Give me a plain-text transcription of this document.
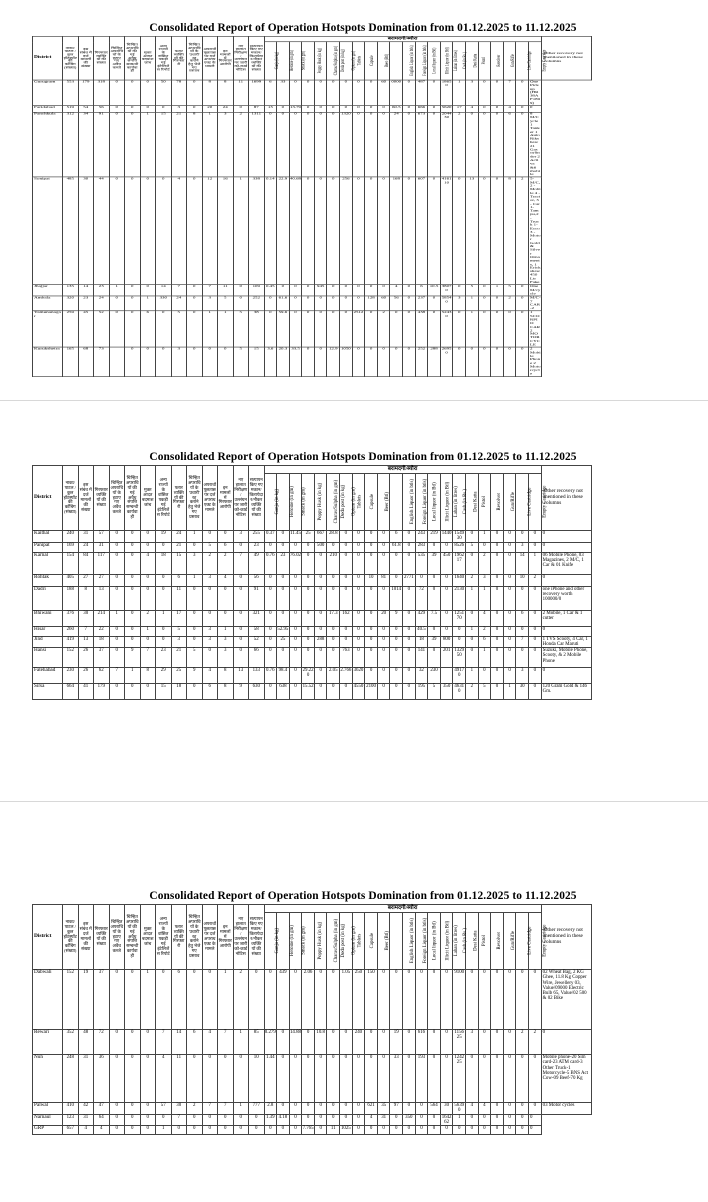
Consolidated Report of Operation Hotspots Domination from 01.12.2025 to 11.12.2025
District	नाका/पाटल / कुल हॉटस्पॉट की कॉबिंग (संख्या)	इस संबंध में दर्ज मामलों की संख्या	गिरफ्तार व्यक्तियों की संख्या	चिन्हित अपराधियों के हटाए गए अवैध कब्जे	चिन्हित अपराधियों की गई अवैध संपत्ति सम्बन्धी कार्यवाही	मुक्त आदत बदमाश जांच	अन्य राज्यों के वांछित पकड़ी गई इंटेलिजेंस रिपोर्ट	फरार व्यक्तियों की गिरफ्तारी	चिन्हित अपराधियों के 'उधारी' रद्द कराने हेतु भेजे गए प्रस्ताव	अपराधों पूछताछ पर दर्ज अपराध एक्ट के मामले	इन मामलों में गिरफ्तार आरोपी	नए हालात निरीक्षण/उल्लंघन पर जारी को-कार्ड नोटिस	सत्यापन किए गए मकान/किरायेदार/नौकर व्यक्तियों की संख्या	बरामदगी/ब्यौरा																						Other recovery not mentioned in these columns
														Ganja (in kg)	Heroine (in gm)	Smack (in gm)	Poppy Husk (in kg)	Charas/Sulpha (in gm)	Doda post (in kg)	Opium (in gm)	Tablets	Capsule	Beer (Btl)	English Liquor (in btls)	Foreign Liquor (in btls)	Local liquor (in Btl)	Illicit Liquor (in Btl)	Lahan (in litres)	Cash (in Rs.)	Desi Katta	Pistol	Revolver	Gun/Rifle	Live Cartridge	Empty Cartridge	
Gurugram	553	179	318	0	0	0	50	78	0	8	8	11	1699	6	33	0	0	0	0	0	0	0	60	0000	0	487	0	18650	1	3	0	0	7	0	One Pickup (HR38AF1899)	
Faridabad	519	54	56	0	0	0	0	3	0	20	24	0	87	13	0	13.79	0	0	0	0	0	0	0	60.5	0	666	0	5620	17	4	0	0	4	0	0	
Panchkula	312	34	91	0	0	1	15	21	8	1	3	2	1311	0	0	0	0	0	0	1320	0	0	0	24	0	673	0	204430	2	0	0	0	6	0	8 M/Cycle 1 Tanker 1 Auto Rikshaw 21 Gas cylinder 2 Activa &6 mobile	
Sonipat	485	30	44	0	0	0	0	4	0	12	16	1	338	0.14	22.9	40.68	0	0	0	256	0	0	0	168	0	607	0	416110	0	13	0	0	8	2	5- M/C,2 - Mobile 4 - Tractor, 3 - Car 1- Tampu,2 - Truck 1- Ecco 3 - Motor Gold & Silver Ornaments, 1 Erickshaw 450 Ltr Fake	
Jhajjar	135	14	23	1	0	0	14	7	0	7	11	0	109	0.45	0	0	0	945	0	0	0	0	0	4	0	6	10.5	38070	0	5	0	1	5	0	One M/cycle	
Ambala	320	23	24	0	0	1	330	24	0	3	5	0	252	0	61.6	0	0	0	0	0	0	128	60	56	0	237	0	58540	3	1	0	0	2	0	M/C-7 CAR-2	
Yamunanagar	259	45	52	0	0	6	0	5	0	1	1	5	38	0	59.6	0	0	0	0	0	2512	0	2	0	0	438	0	52430	0	1	0	0	0	0	1 SCORPIO CAR 2 MOTOR CYCLE	
Kurukshetra	165	68	73		0	0	0	3	0	0	0	5	15	3.6	20.3	33.5	0	0	12.9	1050	0	0	0	0	0	252	288	26950	0	0	0	0	0	0	2 Mobile Phone 2 Motorcycle	
Consolidated Report of Operation Hotspots Domination from 01.12.2025 to 11.12.2025
District	नाका/पाटल / कुल हॉटस्पॉट की कॉबिंग (संख्या)	इस संबंध में दर्ज मामलों की संख्या	गिरफ्तार व्यक्तियों की संख्या	चिन्हित अपराधियों के हटाए गए अवैध कब्जे	चिन्हित अपराधियों की गई अवैध संपत्ति सम्बन्धी कार्यवाही	मुक्त आदत बदमाश जांच	अन्य राज्यों के वांछित पकड़ी गई इंटेलिजेंस रिपोर्ट	फरार व्यक्तियों की गिरफ्तारी	चिन्हित अपराधियों के 'उधारी' रद्द कराने हेतु भेजे गए प्रस्ताव	अपराधों पूछताछ पर दर्ज अपराध एक्ट के मामले	इन मामलों में गिरफ्तार आरोपी	नए हालात निरीक्षण/उल्लंघन पर जारी को-कार्ड नोटिस	सत्यापन किए गए मकान/किरायेदार/नौकर व्यक्तियों की संख्या	बरामदगी/ब्यौरा																						Other recovery not mentioned in these columns
														Ganja (in kg)	Heroine (in gm)	Smack (in gm)	Poppy Husk (in kg)	Charas/Sulpha (in gm)	Doda post (in kg)	Opium (in gm)	Tablets	Capsule	Beer (Btl)	English Liquor (in btls)	Foreign Liquor (in btls)	Local liquor (in Btl)	Illicit Liquor (in Btl)	Lahan (in litres)	Cash (in Rs.)	Desi Katta	Pistol	Revolver	Gun/Rifle	Live Cartridge	Empty Cartridge	
Kaithal	240	31	57	0	0	0	19	24	1	0	0	3	255	0.37	0	11.45	25	667	28.8	0	0	0	0	6	0	243	219	1440	154930	0	1	0	0	0	0	0
Panipat	169	24	31	0	0	0	0	21	0	5	6	0	23	0	0	0	0	500	0	0	0	0	0	61.8	0	283	0	0	8526	5	0	0	0	3	0	0
Karnal	154	84	117	0	0	4	18	15	3	2	2	7	49	0.76	23	76.02	0	0	210	0	0	0	0	0	0	535	39	450	196217	0	2	0	0	14	1	06 Mobile Phone, 03 Magazines, 2 M/C, 1 Car & 01 Knife
Rohtak	405	27	27	0	0	0	0	6	1	3	4	0	56	0	0	0	0	0	0	0	0	10	81	0	2771	0	0	0	1640	2	3	0	0	10	2	0
Dadri	188	8	13	0	0	0	0	11	0	0	0	0	91	0	0	0	0	0	0	0	0	0	0	1014	0	72	0	0	2130	1	1	0	0	0	0	one iPhone and other recovery worth 100000/0
Bhiwani	376	30	214	1	0	2	1	17	0	0	0	0	321	0	0	0	0	0	17.3	162	0	0	20	9	0	429	7.5	0	125170	0	4	0	0	6	0	2 Mobile, 1 Car & 1 cutter
Hisar	260	7	22	0	0	1	0	5	0	3	1	0	58	0	52.95	0	0	0	0	0	0	0	0	0	0	40.5	0	0	0	1	2	0	0	0	0	0
Jind	419	13	18	0	0	0	0	3	0	3	3	0	52	0	25	0	0	288	0	0	0	0	0	0	0	18	39	800	0	0	6	0	0	7	0	1 TVS Scooty, 4 Car, 1 Honda Car Maruti
Hansi	152	26	37	0	9	7	23	21	5	0	3	0	66	0	0	0	0	0	0	763	0	0	0	0	0	141	0	201	132950	0	1	0	0	0	0	Suzuki, Mobile Phone, Scooty, & 2 Mobile Phone
Fatehabad	230	26	62	7	1	8	29	25	9	4	8	13	133	0.76	98.4	0	29.220	0	2.05	2.766	3620	0	0	0	0	32	230		49170	1	0	0	0	3	0	0
Sirsa	664	41	179	0	0	0	15	18	0	6	8	9	630	0	638	0	15.52	0	0	0	4550	2100	0	0	0	195	5	350	46310	2	5	0	1	30	0	120 Gram Gold & 146 Gm.
Consolidated Report of Operation Hotspots Domination from 01.12.2025 to 11.12.2025
District	नाका/पाटल / कुल हॉटस्पॉट की कॉबिंग (संख्या)	इस संबंध में दर्ज मामलों की संख्या	गिरफ्तार व्यक्तियों की संख्या	चिन्हित अपराधियों के हटाए गए अवैध कब्जे	चिन्हित अपराधियों की गई अवैध संपत्ति सम्बन्धी कार्यवाही	मुक्त आदत बदमाश जांच	अन्य राज्यों के वांछित पकड़ी गई इंटेलिजेंस रिपोर्ट	फरार व्यक्तियों की गिरफ्तारी	चिन्हित अपराधियों के 'उधारी' रद्द कराने हेतु भेजे गए प्रस्ताव	अपराधों पूछताछ पर दर्ज अपराध एक्ट के मामले	इन मामलों में गिरफ्तार आरोपी	नए हालात निरीक्षण/उल्लंघन पर जारी को-कार्ड नोटिस	सत्यापन किए गए मकान/किरायेदार/नौकर व्यक्तियों की संख्या	बरामदगी/ब्यौरा																						Other recovery not mentioned in these columns
														Ganja (in kg)	Heroine (in gm)	Smack (in gm)	Poppy Husk (in kg)	Charas/Sulpha (in gm)	Doda post (in kg)	Opium (in gm)	Tablets	Capsule	Beer (Btl)	English Liquor (in btls)	Foreign Liquor (in btls)	Local liquor (in Btl)	Illicit Liquor (in Btl)	Lahan (in litres)	Cash (in Rs.)	Desi Katta	Pistol	Revolver	Gun/Rifle	Live Cartridge	Empty Cartridge	
Dabwali	152	19	37	0	0	1	0	6	0	0	1	2	0	0	439	0	2.06	0	0	1.05	250	150	0	0	0	0	0	0	9100	0	0	0	0	0	0	02 Wheat Bag, 2 KG Ghee, 11.8 Kg Copper Wire, Jewellery 03, Value/09000 Electric Bulb 65, Value/02 500 & 02 Bike
Rewari	352	48	72	0	0	0	7	14	6	4	7	1	85	0.279	0	14.88	0	10.8	0	0	240	0	0	19	0	616	0	0	115625	3	0	0	0	2	2	0
Nuh	248	31	36	0	0	0	4	11	0	0	0	0	10	1.44	0	0	0	0	0	0	0	0	0	33	0	193	0	0	124225	0	0	0	0	0	0	Mobile phone-20 Sim card-23 ATM card-3 Other Truck-1 Motorcycle-5 BNS Act Cow-09 Beef-70 Kg
Palwal	410	42	47	0	0	0	57	30	2	7	7	1	777	2.8	0	0	0	0	0	0	0	621	35	97	0	0	564	30	56390	4	4	0	0	0	0	03 Motor cycles
Narnaul	123	31	64	0	0	0	0	7	0	0	0	0	0	1.39	4.18	0	0	0	0	0	0	4	31	0	350	0	0	164262	1	0	0	0	0	0	0	
GRP	657	4	4	0	0	0	1	0	0	0	0	0	0	0	0	0	7.765	0	11	1025	0	0	0	0	0	0	0	0	0	0	0	0	0	0	0	
